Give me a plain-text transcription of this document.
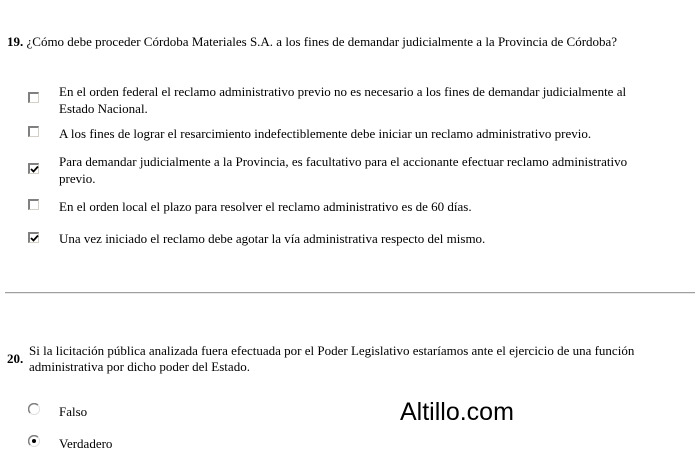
19. ¿Cómo debe proceder Córdoba Materiales S.A. a los fines de demandar judicialmente a la Provincia de Córdoba?
En el orden federal el reclamo administrativo previo no es necesario a los fines de demandar judicialmente al
Estado Nacional.
A los fines de lograr el resarcimiento indefectiblemente debe iniciar un reclamo administrativo previo.
Para demandar judicialmente a la Provincia, es facultativo para el accionante efectuar reclamo administrativo
previo.
En el orden local el plazo para resolver el reclamo administrativo es de 60 días.
Una vez iniciado el reclamo debe agotar la vía administrativa respecto del mismo.
20.
Si la licitación pública analizada fuera efectuada por el Poder Legislativo estaríamos ante el ejercicio de una función
administrativa por dicho poder del Estado.
Falso
Verdadero
Altillo.com
